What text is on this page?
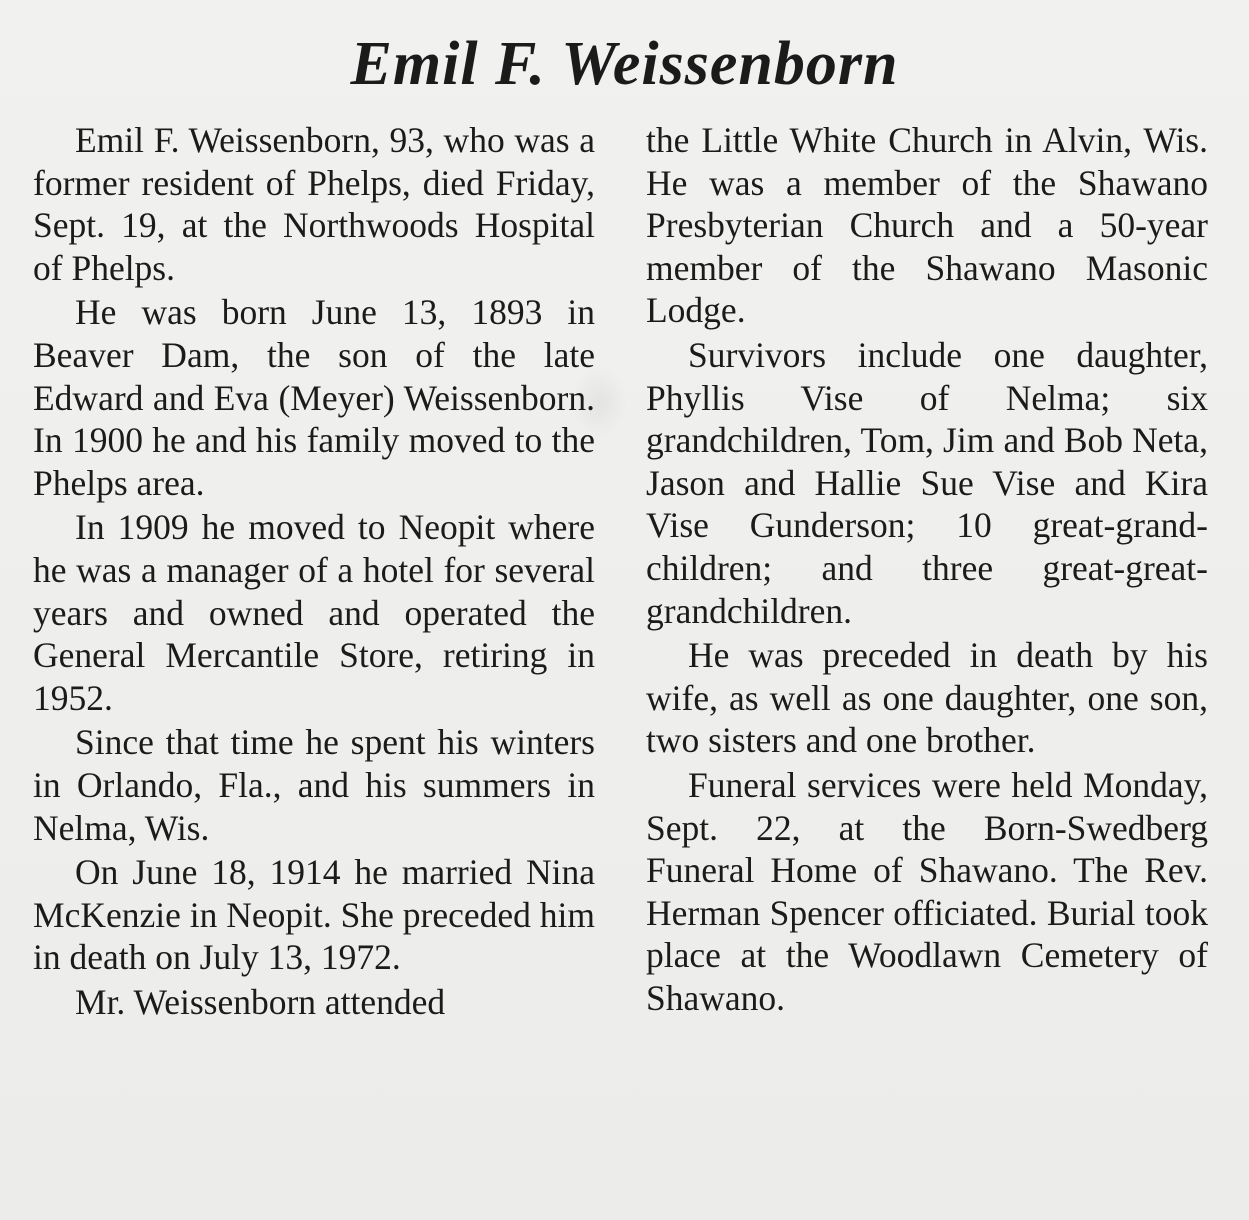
Emil F. Weissenborn

Emil F. Weissenborn, 93, who was a former resident of Phelps, died Friday, Sept. 19, at the Northwoods Hospital of Phelps.

He was born June 13, 1893 in Beaver Dam, the son of the late Edward and Eva (Meyer) Weissenborn. In 1900 he and his family moved to the Phelps area.

In 1909 he moved to Neopit where he was a manager of a hotel for several years and owned and operated the General Mercantile Store, retiring in 1952.

Since that time he spent his winters in Orlando, Fla., and his summers in Nelma, Wis.

On June 18, 1914 he married Nina McKenzie in Neopit. She preceded him in death on July 13, 1972.

Mr. Weissenborn attended

the Little White Church in Alvin, Wis. He was a member of the Shawano Presbyterian Church and a 50-year member of the Shawano Masonic Lodge.

Survivors include one daughter, Phyllis Vise of Nelma; six grandchildren, Tom, Jim and Bob Neta, Jason and Hallie Sue Vise and Kira Vise Gunderson; 10 great-grand-children; and three great-great-grandchildren.

He was preceded in death by his wife, as well as one daughter, one son, two sisters and one brother.

Funeral services were held Monday, Sept. 22, at the Born-Swedberg Funeral Home of Shawano. The Rev. Herman Spencer officiated. Burial took place at the Woodlawn Cemetery of Shawano.
